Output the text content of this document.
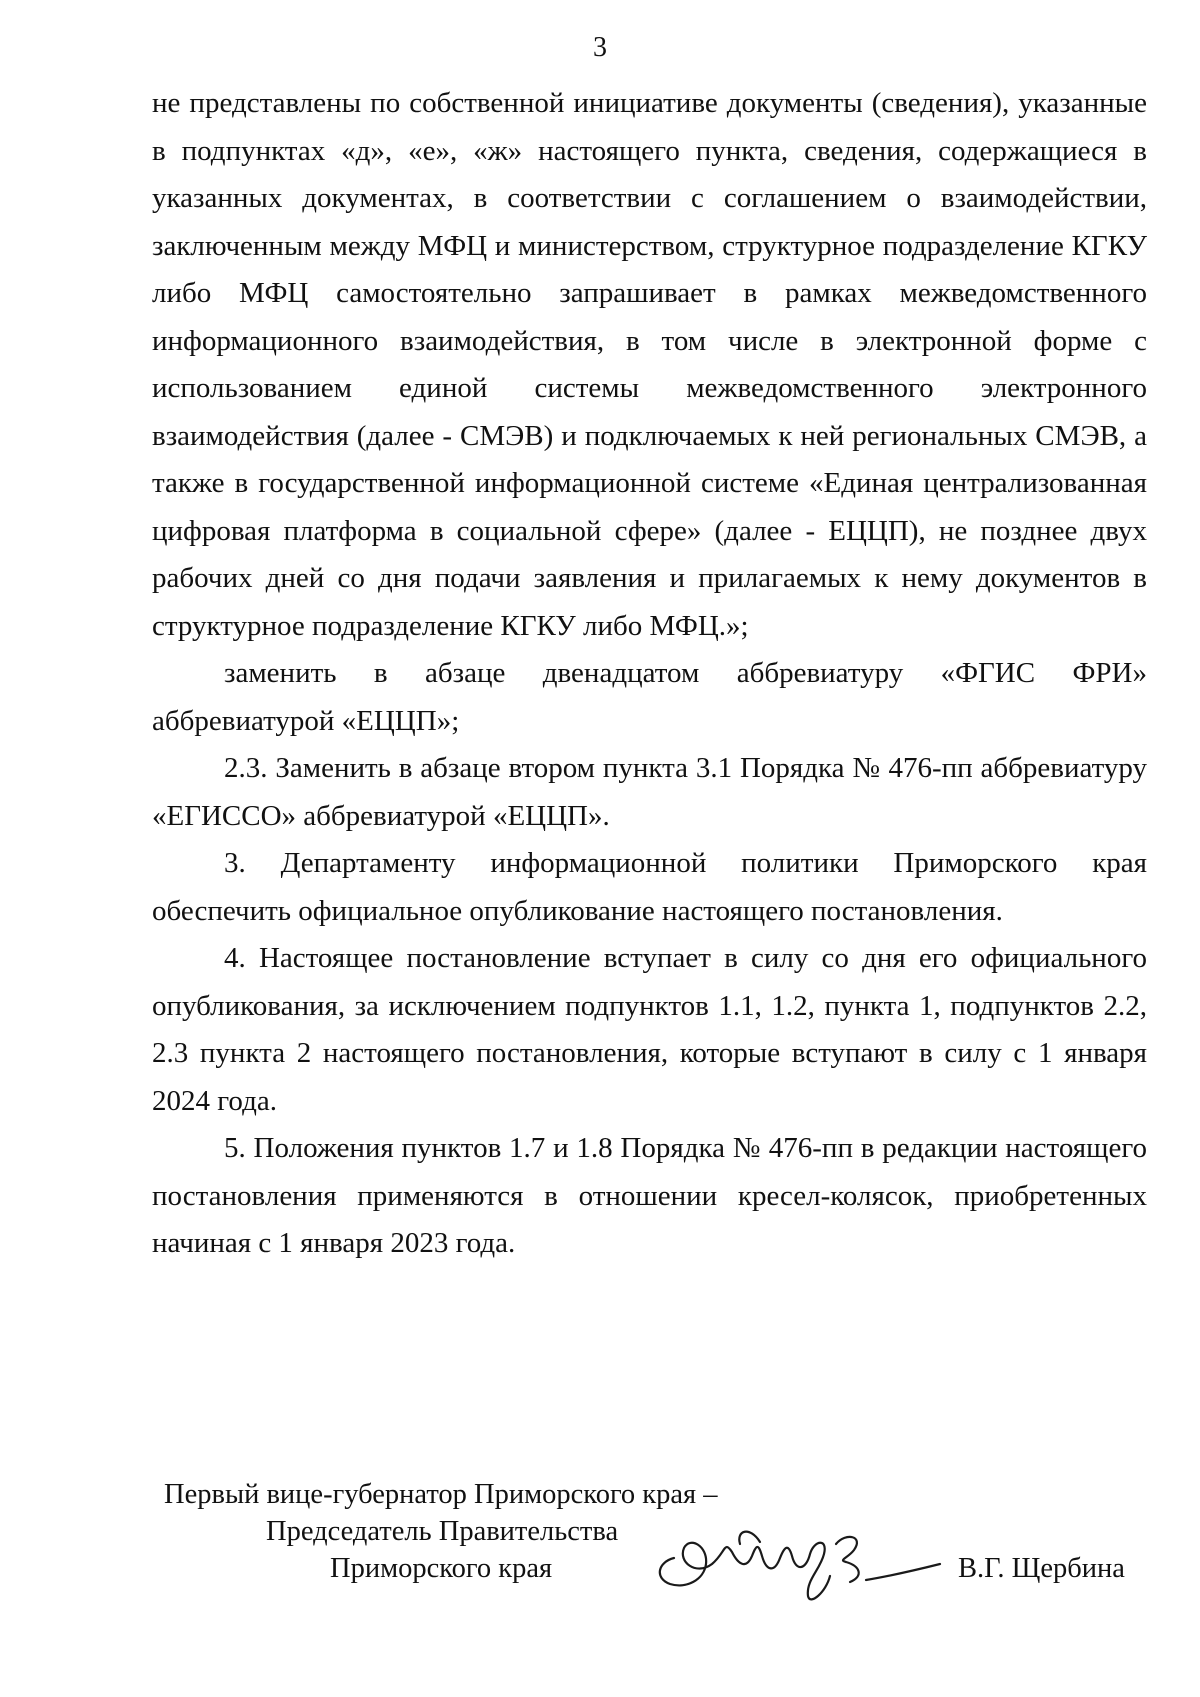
3

не представлены по собственной инициативе документы (сведения), указанные в подпунктах «д», «е», «ж» настоящего пункта, сведения, содержащиеся в указанных документах, в соответствии с соглашением о взаимодействии, заключенным между МФЦ и министерством, структурное подразделение КГКУ либо МФЦ самостоятельно запрашивает в рамках межведомственного информационного взаимодействия, в том числе в электронной форме с использованием единой системы межведомственного электронного взаимодействия (далее - СМЭВ) и подключаемых к ней региональных СМЭВ, а также в государственной информационной системе «Единая централизованная цифровая платформа в социальной сфере» (далее - ЕЦЦП), не позднее двух рабочих дней со дня подачи заявления и прилагаемых к нему документов в структурное подразделение КГКУ либо МФЦ.»;

заменить в абзаце двенадцатом аббревиатуру «ФГИС ФРИ» аббревиатурой «ЕЦЦП»;

2.3. Заменить в абзаце втором пункта 3.1 Порядка № 476-пп аббревиатуру «ЕГИССО» аббревиатурой «ЕЦЦП».

3. Департаменту информационной политики Приморского края обеспечить официальное опубликование настоящего постановления.

4. Настоящее постановление вступает в силу со дня его официального опубликования, за исключением подпунктов 1.1, 1.2, пункта 1, подпунктов 2.2, 2.3 пункта 2 настоящего постановления, которые вступают в силу с 1 января 2024 года.

5. Положения пунктов 1.7 и 1.8 Порядка № 476-пп в редакции настоящего постановления применяются в отношении кресел-колясок, приобретенных начиная с 1 января 2023 года.

Первый вице-губернатор Приморского края –
Председатель Правительства
Приморского края	В.Г. Щербина
